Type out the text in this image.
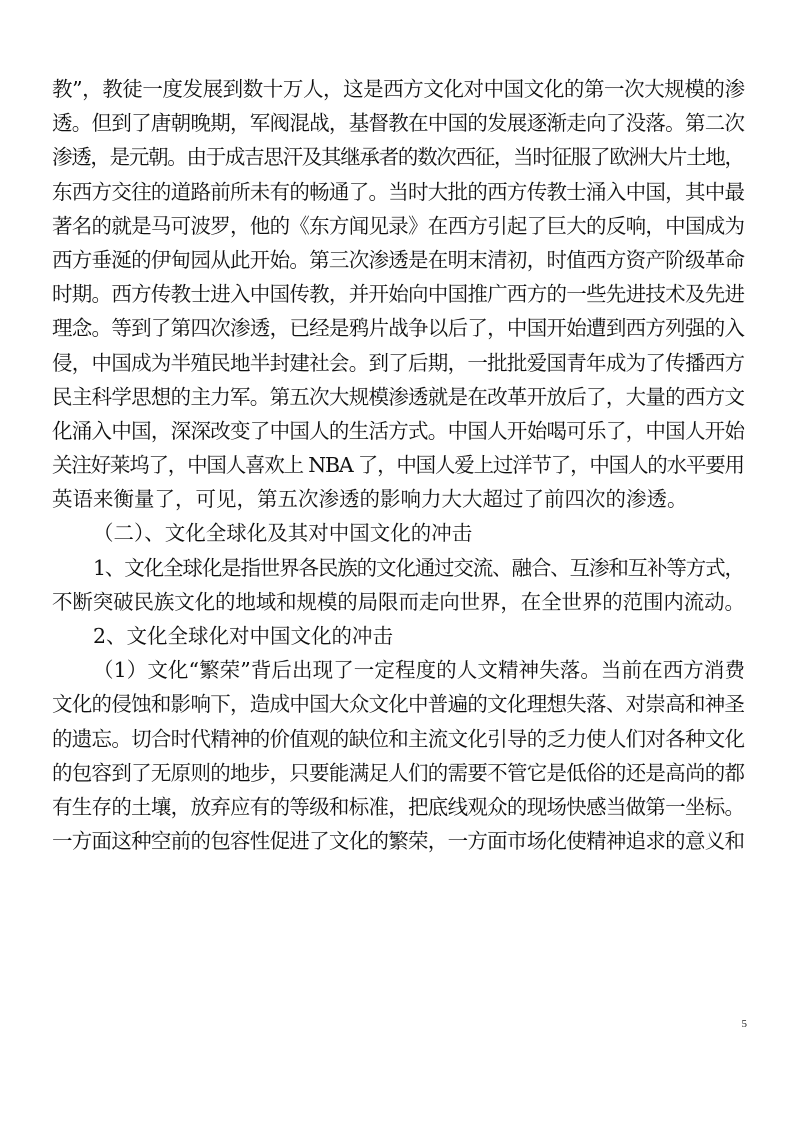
教”，教徒一度发展到数十万人，这是西方文化对中国文化的第一次大规模的渗
透。但到了唐朝晚期，军阀混战，基督教在中国的发展逐渐走向了没落。第二次
渗透，是元朝。由于成吉思汗及其继承者的数次西征，当时征服了欧洲大片土地，
东西方交往的道路前所未有的畅通了。当时大批的西方传教士涌入中国，其中最
著名的就是马可波罗，他的《东方闻见录》在西方引起了巨大的反响，中国成为
西方垂涎的伊甸园从此开始。第三次渗透是在明末清初，时值西方资产阶级革命
时期。西方传教士进入中国传教，并开始向中国推广西方的一些先进技术及先进
理念。等到了第四次渗透，已经是鸦片战争以后了，中国开始遭到西方列强的入
侵，中国成为半殖民地半封建社会。到了后期，一批批爱国青年成为了传播西方
民主科学思想的主力军。第五次大规模渗透就是在改革开放后了，大量的西方文
化涌入中国，深深改变了中国人的生活方式。中国人开始喝可乐了，中国人开始
关注好莱坞了，中国人喜欢上 NBA 了，中国人爱上过洋节了，中国人的水平要用
英语来衡量了，可见，第五次渗透的影响力大大超过了前四次的渗透。
（二）、文化全球化及其对中国文化的冲击
1、文化全球化是指世界各民族的文化通过交流、融合、互渗和互补等方式，
不断突破民族文化的地域和规模的局限而走向世界，在全世界的范围内流动。
2、文化全球化对中国文化的冲击
（1）文化“繁荣”背后出现了一定程度的人文精神失落。当前在西方消费
文化的侵蚀和影响下，造成中国大众文化中普遍的文化理想失落、对崇高和神圣
的遗忘。切合时代精神的价值观的缺位和主流文化引导的乏力使人们对各种文化
的包容到了无原则的地步，只要能满足人们的需要不管它是低俗的还是高尚的都
有生存的土壤，放弃应有的等级和标准，把底线观众的现场快感当做第一坐标。
一方面这种空前的包容性促进了文化的繁荣，一方面市场化使精神追求的意义和
5
